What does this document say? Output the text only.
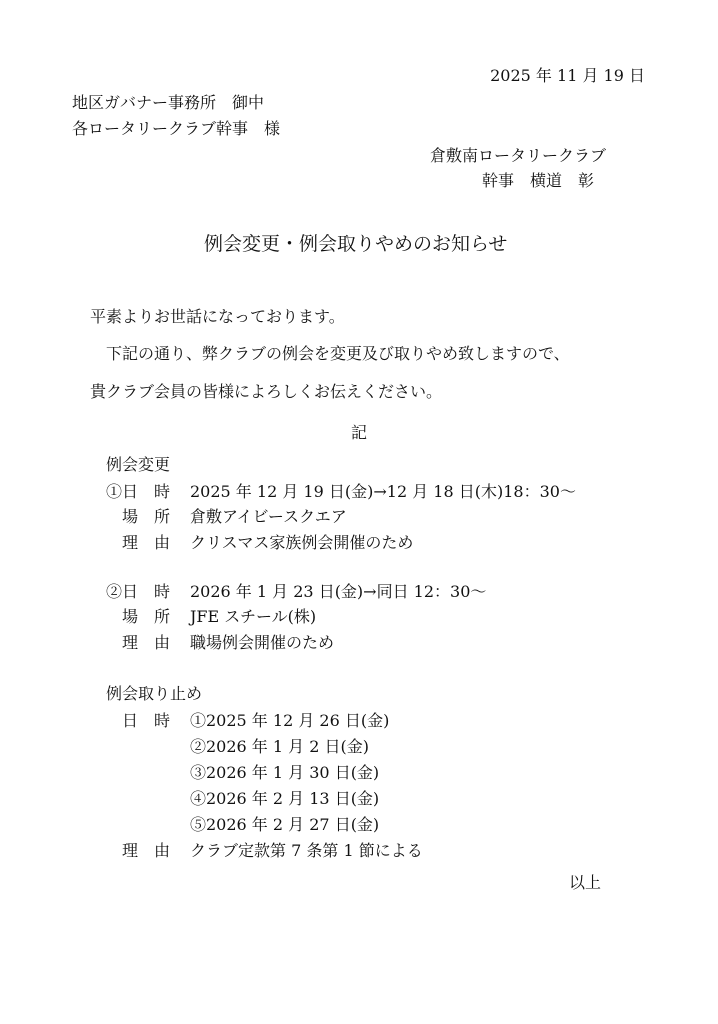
2025 年 11 月 19 日
地区ガバナー事務所　御中
各ロータリークラブ幹事　様
倉敷南ロータリークラブ
幹事　横道　彰
例会変更・例会取りやめのお知らせ
平素よりお世話になっております。
下記の通り、弊クラブの例会を変更及び取りやめ致しますので、
貴クラブ会員の皆様によろしくお伝えください。
記
例会変更
①日　時 2025 年 12 月 19 日(金)→12 月 18 日(木)18：30～
場　所 倉敷アイビースクエア
理　由 クリスマス家族例会開催のため
②日　時 2026 年 1 月 23 日(金)→同日 12：30～
場　所 JFE スチール(株)
理　由 職場例会開催のため
例会取り止め
日　時 ①2025 年 12 月 26 日(金)
②2026 年 1 月 2 日(金)
③2026 年 1 月 30 日(金)
④2026 年 2 月 13 日(金)
⑤2026 年 2 月 27 日(金)
理　由 クラブ定款第 7 条第 1 節による
以上
